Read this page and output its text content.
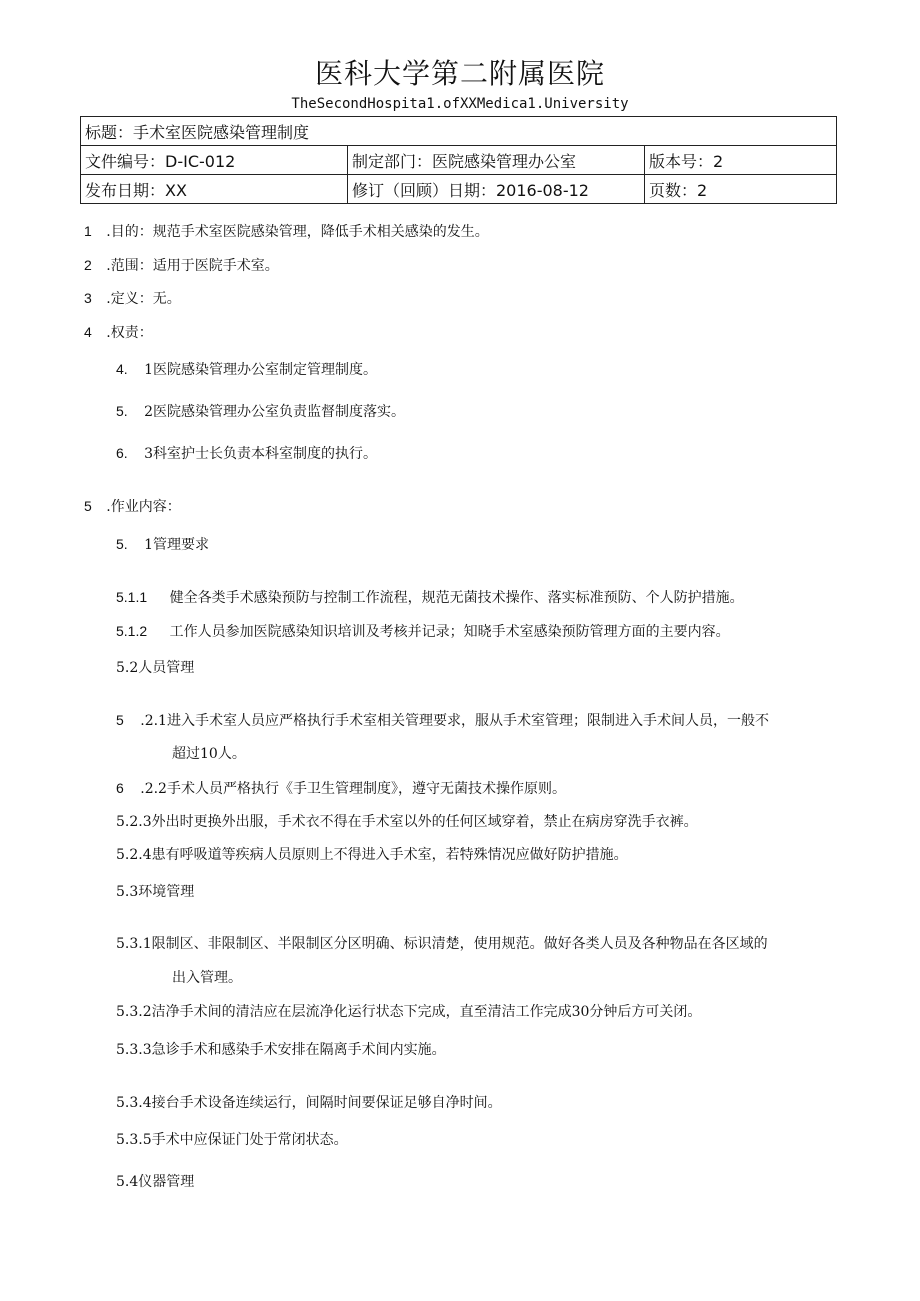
医科大学第二附属医院
TheSecondHospita1.ofXXMedica1.University
标题：手术室医院感染管理制度		
文件编号：D-IC-012	制定部门：医院感染管理办公室	版本号：2
发布日期：XX	修订（回顾）日期：2016-08-12	页数：2
1 .目的：规范手术室医院感染管理，降低手术相关感染的发生。
2 .范围：适用于医院手术室。
3 .定义：无。
4 .权责：
4. 1医院感染管理办公室制定管理制度。
5. 2医院感染管理办公室负责监督制度落实。
6. 3科室护士长负责本科室制度的执行。
5 .作业内容：
5. 1管理要求
5.1.1 健全各类手术感染预防与控制工作流程，规范无菌技术操作、落实标准预防、个人防护措施。
5.1.2 工作人员参加医院感染知识培训及考核并记录；知晓手术室感染预防管理方面的主要内容。
5.2人员管理
5 .2.1进入手术室人员应严格执行手术室相关管理要求，服从手术室管理；限制进入手术间人员，一般不
超过10人。
6 .2.2手术人员严格执行《手卫生管理制度》，遵守无菌技术操作原则。
5.2.3外出时更换外出服，手术衣不得在手术室以外的任何区域穿着，禁止在病房穿洗手衣裤。
5.2.4患有呼吸道等疾病人员原则上不得进入手术室，若特殊情况应做好防护措施。
5.3环境管理
5.3.1限制区、非限制区、半限制区分区明确、标识清楚，使用规范。做好各类人员及各种物品在各区域的
出入管理。
5.3.2洁净手术间的清洁应在层流净化运行状态下完成，直至清洁工作完成30分钟后方可关闭。
5.3.3急诊手术和感染手术安排在隔离手术间内实施。
5.3.4接台手术设备连续运行，间隔时间要保证足够自净时间。
5.3.5手术中应保证门处于常闭状态。
5.4仪器管理
